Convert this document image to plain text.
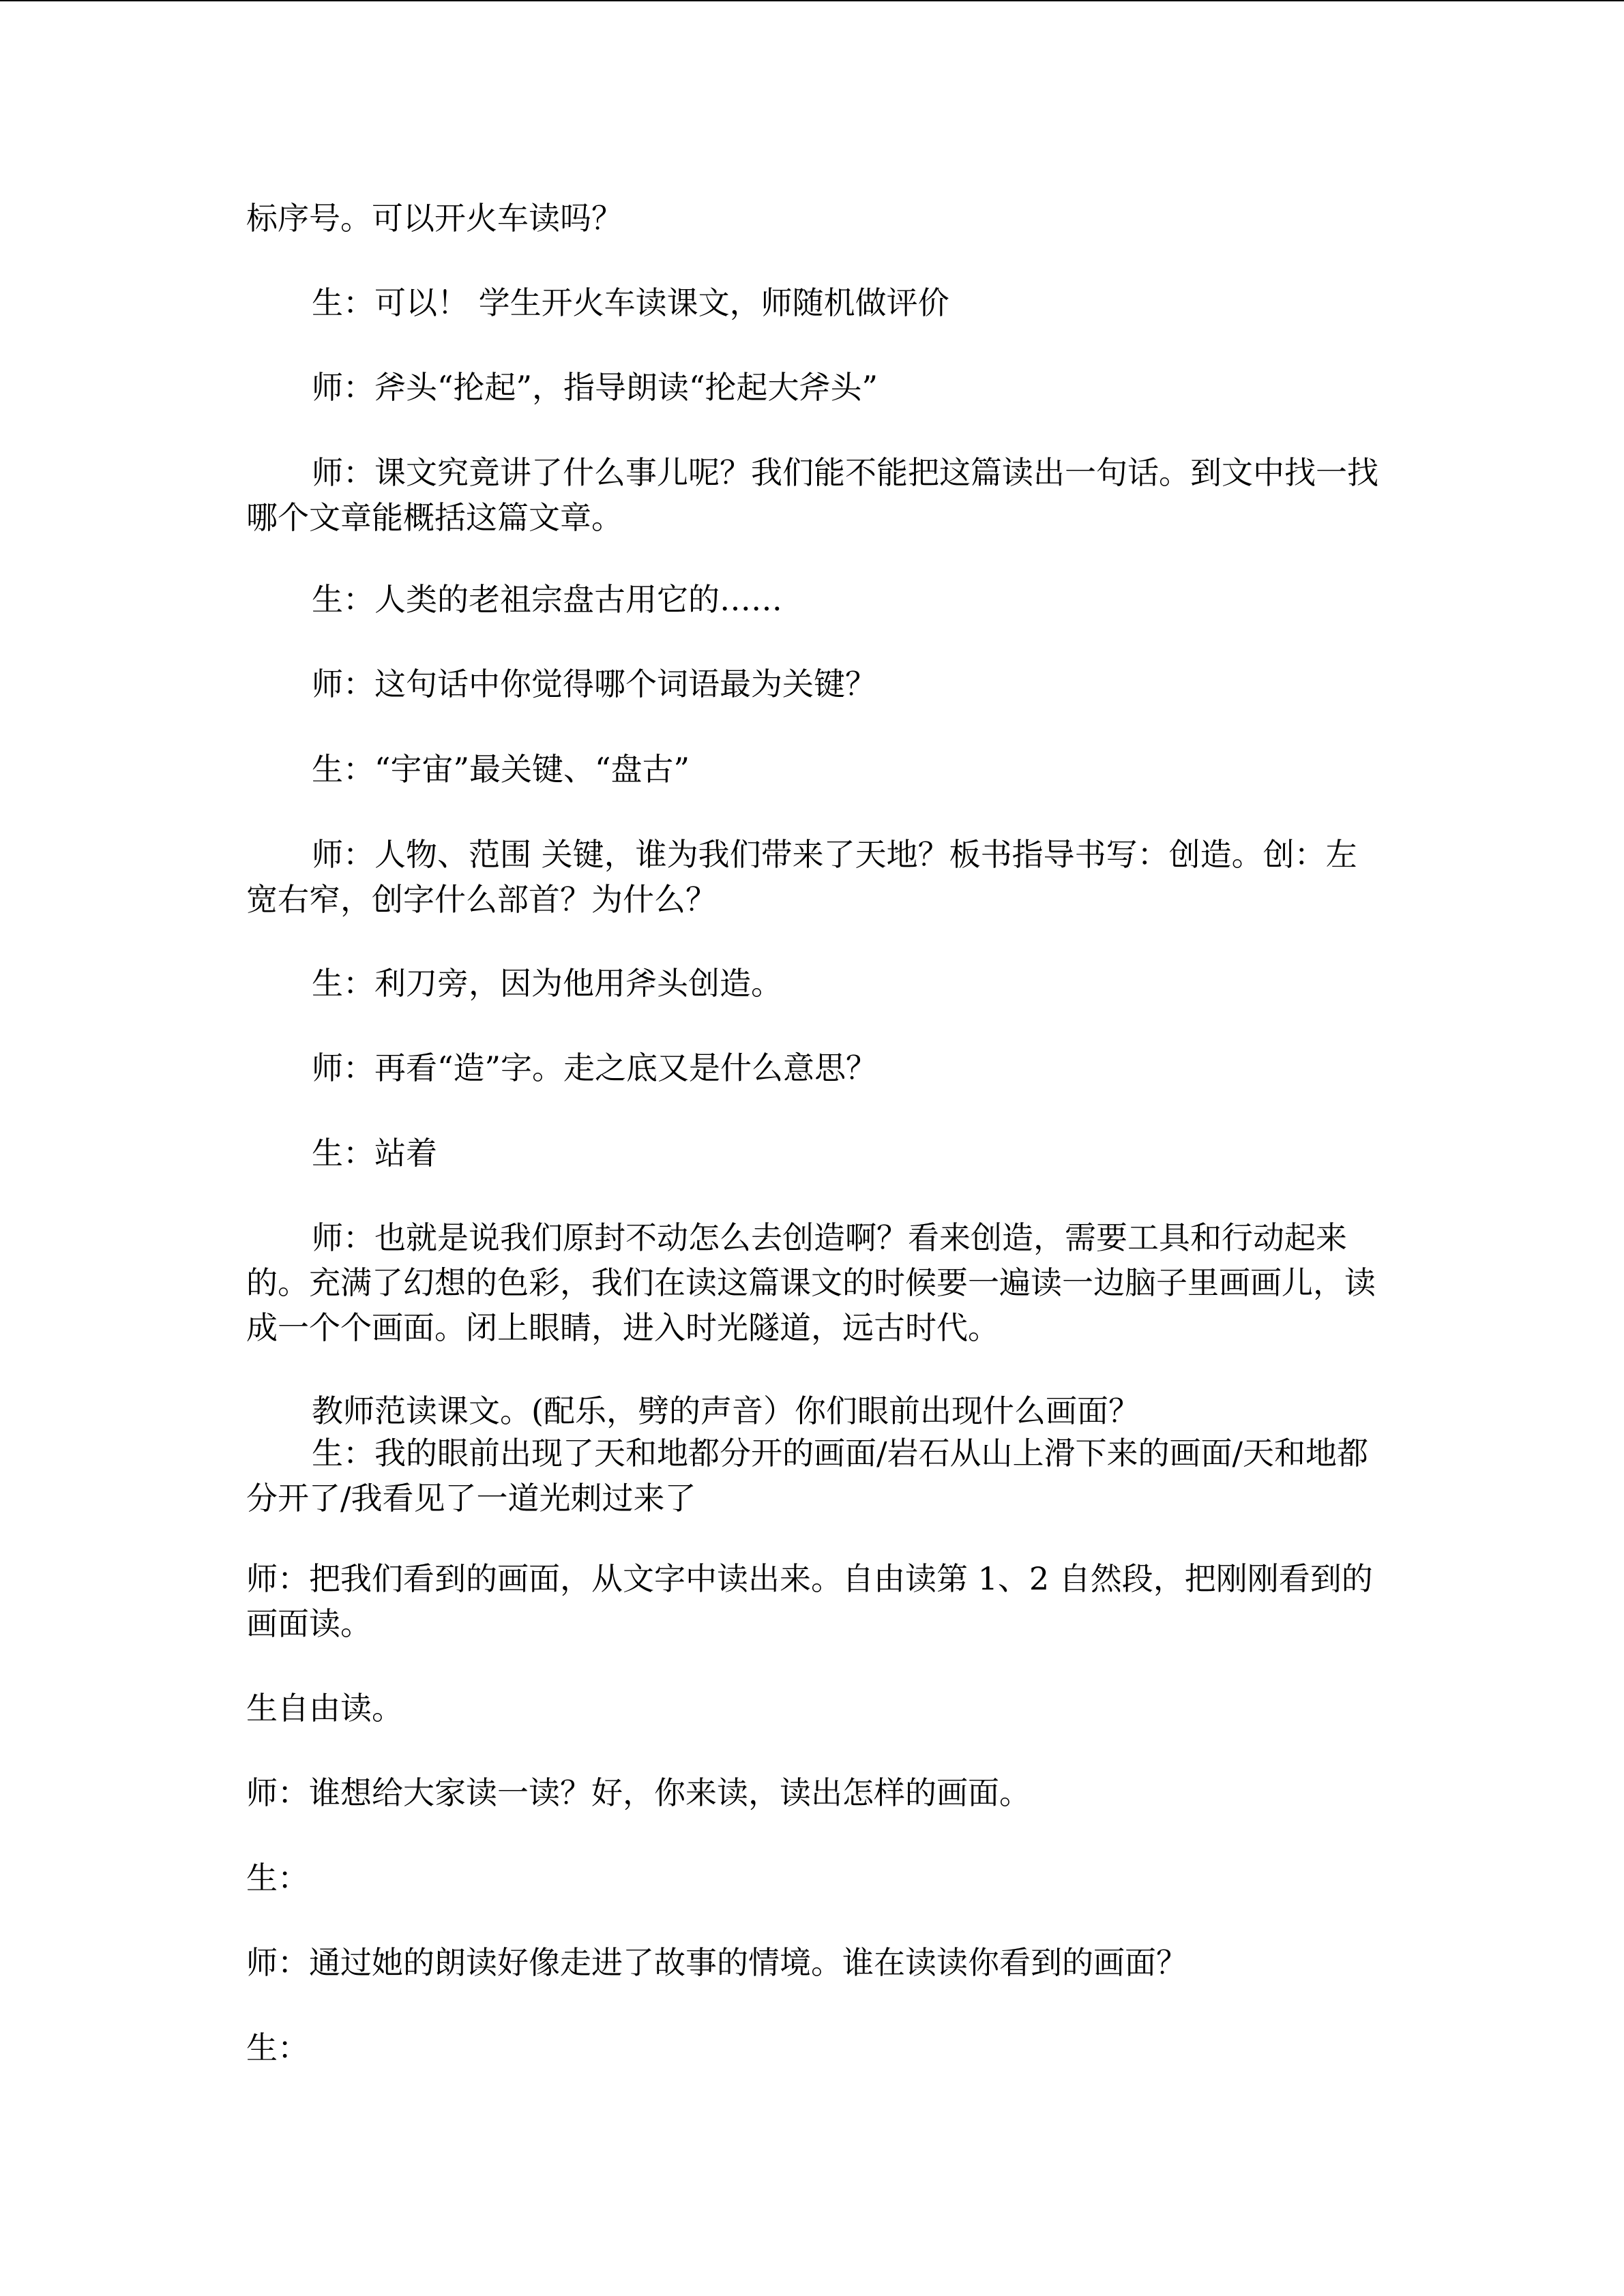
标序号。可以开火车读吗？

生：可以！ 学生开火车读课文，师随机做评价

师：斧头“抡起”，指导朗读“抡起大斧头”

师：课文究竟讲了什么事儿呢？我们能不能把这篇读出一句话。到文中找一找哪个文章能概括这篇文章。

生：人类的老祖宗盘古用它的……

师：这句话中你觉得哪个词语最为关键？

生：“宇宙”最关键、“盘古”

师：人物、范围 关键，谁为我们带来了天地？板书指导书写：创造。创：左宽右窄，创字什么部首？为什么？

生：利刀旁，因为他用斧头创造。

师：再看“造”字。走之底又是什么意思？

生：站着

师：也就是说我们原封不动怎么去创造啊？看来创造，需要工具和行动起来的。充满了幻想的色彩，我们在读这篇课文的时候要一遍读一边脑子里画画儿，读成一个个画面。闭上眼睛，进入时光隧道，远古时代。

教师范读课文。(配乐，劈的声音）你们眼前出现什么画面？

生：我的眼前出现了天和地都分开的画面/岩石从山上滑下来的画面/天和地都分开了/我看见了一道光刺过来了

师：把我们看到的画面，从文字中读出来。自由读第 1、2 自然段，把刚刚看到的画面读。

生自由读。

师：谁想给大家读一读？好，你来读，读出怎样的画面。

生：

师：通过她的朗读好像走进了故事的情境。谁在读读你看到的画面？

生：
